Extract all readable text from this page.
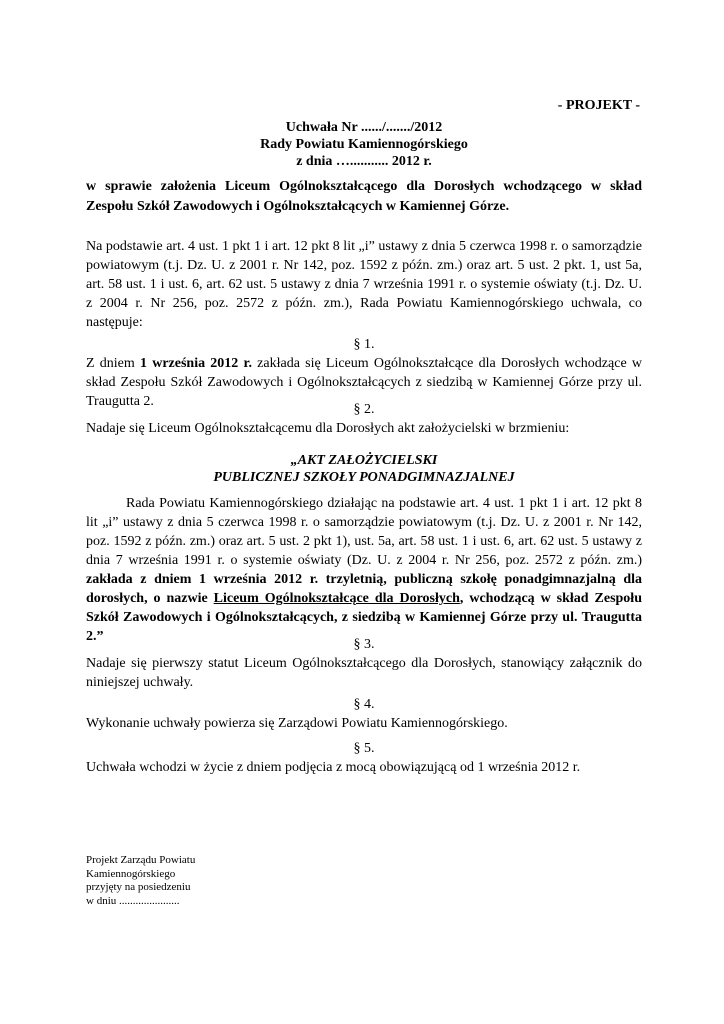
- PROJEKT -
Uchwała Nr ....../......./2012
Rady Powiatu Kamiennogórskiego
z dnia …........... 2012 r.

w sprawie założenia Liceum Ogólnokształcącego dla Dorosłych wchodzącego w skład Zespołu Szkół Zawodowych i Ogólnokształcących w Kamiennej Górze.

Na podstawie art. 4 ust. 1 pkt 1 i art. 12 pkt 8 lit „i” ustawy z dnia 5 czerwca 1998 r. o samorządzie powiatowym (t.j. Dz. U. z 2001 r. Nr 142, poz. 1592 z późn. zm.) oraz art. 5 ust. 2 pkt. 1, ust 5a, art. 58 ust. 1 i ust. 6, art. 62 ust. 5 ustawy z dnia 7 września 1991 r. o systemie oświaty (t.j. Dz. U. z 2004 r. Nr 256, poz. 2572 z późn. zm.), Rada Powiatu Kamiennogórskiego uchwala, co następuje:

§ 1.
Z dniem 1 września 2012 r. zakłada się Liceum Ogólnokształcące dla Dorosłych wchodzące w skład Zespołu Szkół Zawodowych i Ogólnokształcących z siedzibą w Kamiennej Górze przy ul. Traugutta 2.
§ 2.
Nadaje się Liceum Ogólnokształcącemu dla Dorosłych akt założycielski w brzmieniu:
„AKT ZAŁOŻYCIELSKI
PUBLICZNEJ SZKOŁY PONADGIMNAZJALNEJ

Rada Powiatu Kamiennogórskiego działając na podstawie art. 4 ust. 1 pkt 1 i art. 12 pkt 8 lit „i” ustawy z dnia 5 czerwca 1998 r. o samorządzie powiatowym (t.j. Dz. U. z 2001 r. Nr 142, poz. 1592 z późn. zm.) oraz art. 5 ust. 2 pkt 1), ust. 5a, art. 58 ust. 1 i ust. 6, art. 62 ust. 5 ustawy z dnia 7 września 1991 r. o systemie oświaty (Dz. U. z 2004 r. Nr 256, poz. 2572 z późn. zm.) zakłada z dniem 1 września 2012 r. trzyletnią, publiczną szkołę ponadgimnazjalną dla dorosłych, o nazwie Liceum Ogólnokształcące dla Dorosłych, wchodzącą w skład Zespołu Szkół Zawodowych i Ogólnokształcących, z siedzibą w Kamiennej Górze przy ul. Traugutta 2.”

§ 3.
Nadaje się pierwszy statut Liceum Ogólnokształcącego dla Dorosłych, stanowiący załącznik do niniejszej uchwały.
§ 4.
Wykonanie uchwały powierza się Zarządowi Powiatu Kamiennogórskiego.
§ 5.
Uchwała wchodzi w życie z dniem podjęcia z mocą obowiązującą od 1 września 2012 r.
Projekt Zarządu Powiatu
Kamiennogórskiego
przyjęty na posiedzeniu
w dniu ......................
